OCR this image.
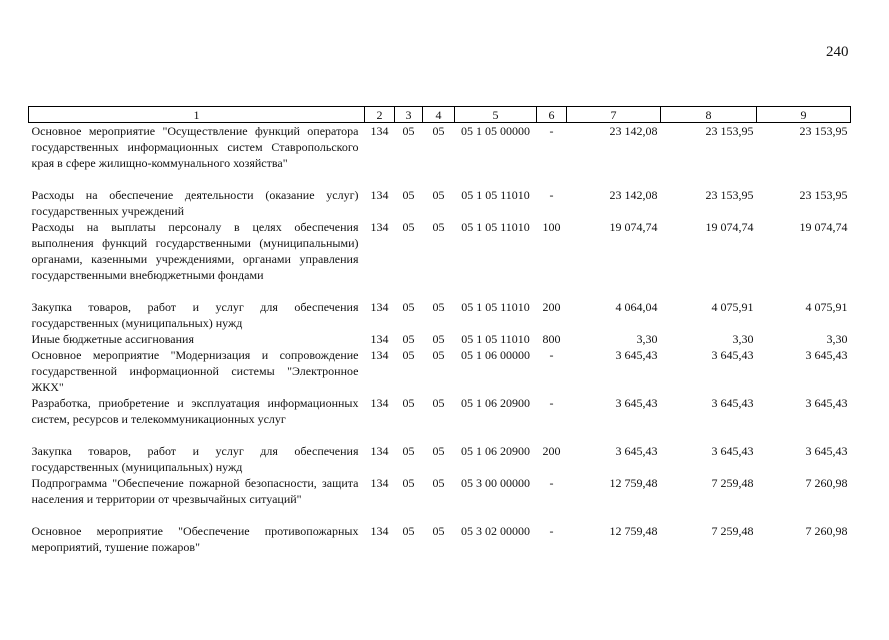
240
1	2	3	4	5	6	7	8	9
Основное мероприятие "Осуществление функций оператора государственных информационных систем Ставропольского края в сфере жилищно-коммунального хозяйства"	134	05	05	05 1 05 00000	-	23 142,08	23 153,95	23 153,95
Расходы на обеспечение деятельности (оказание услуг) государственных учреждений	134	05	05	05 1 05 11010	-	23 142,08	23 153,95	23 153,95
Расходы на выплаты персоналу в целях обеспечения выполнения функций государственными (муниципальными) органами, казенными учреждениями, органами управления государственными внебюджетными фондами	134	05	05	05 1 05 11010	100	19 074,74	19 074,74	19 074,74
Закупка товаров, работ и услуг для обеспечения государственных (муниципальных) нужд	134	05	05	05 1 05 11010	200	4 064,04	4 075,91	4 075,91
Иные бюджетные ассигнования	134	05	05	05 1 05 11010	800	3,30	3,30	3,30
Основное мероприятие "Модернизация и сопровождение государственной информационной системы "Электронное ЖКХ"	134	05	05	05 1 06 00000	-	3 645,43	3 645,43	3 645,43
Разработка, приобретение и эксплуатация информационных систем, ресурсов и телекоммуникационных услуг	134	05	05	05 1 06 20900	-	3 645,43	3 645,43	3 645,43
Закупка товаров, работ и услуг для обеспечения государственных (муниципальных) нужд	134	05	05	05 1 06 20900	200	3 645,43	3 645,43	3 645,43
Подпрограмма "Обеспечение пожарной безопасности, защита населения и территории от чрезвычайных ситуаций"	134	05	05	05 3 00 00000	-	12 759,48	7 259,48	7 260,98
Основное мероприятие "Обеспечение противопожарных мероприятий, тушение пожаров"	134	05	05	05 3 02 00000	-	12 759,48	7 259,48	7 260,98
